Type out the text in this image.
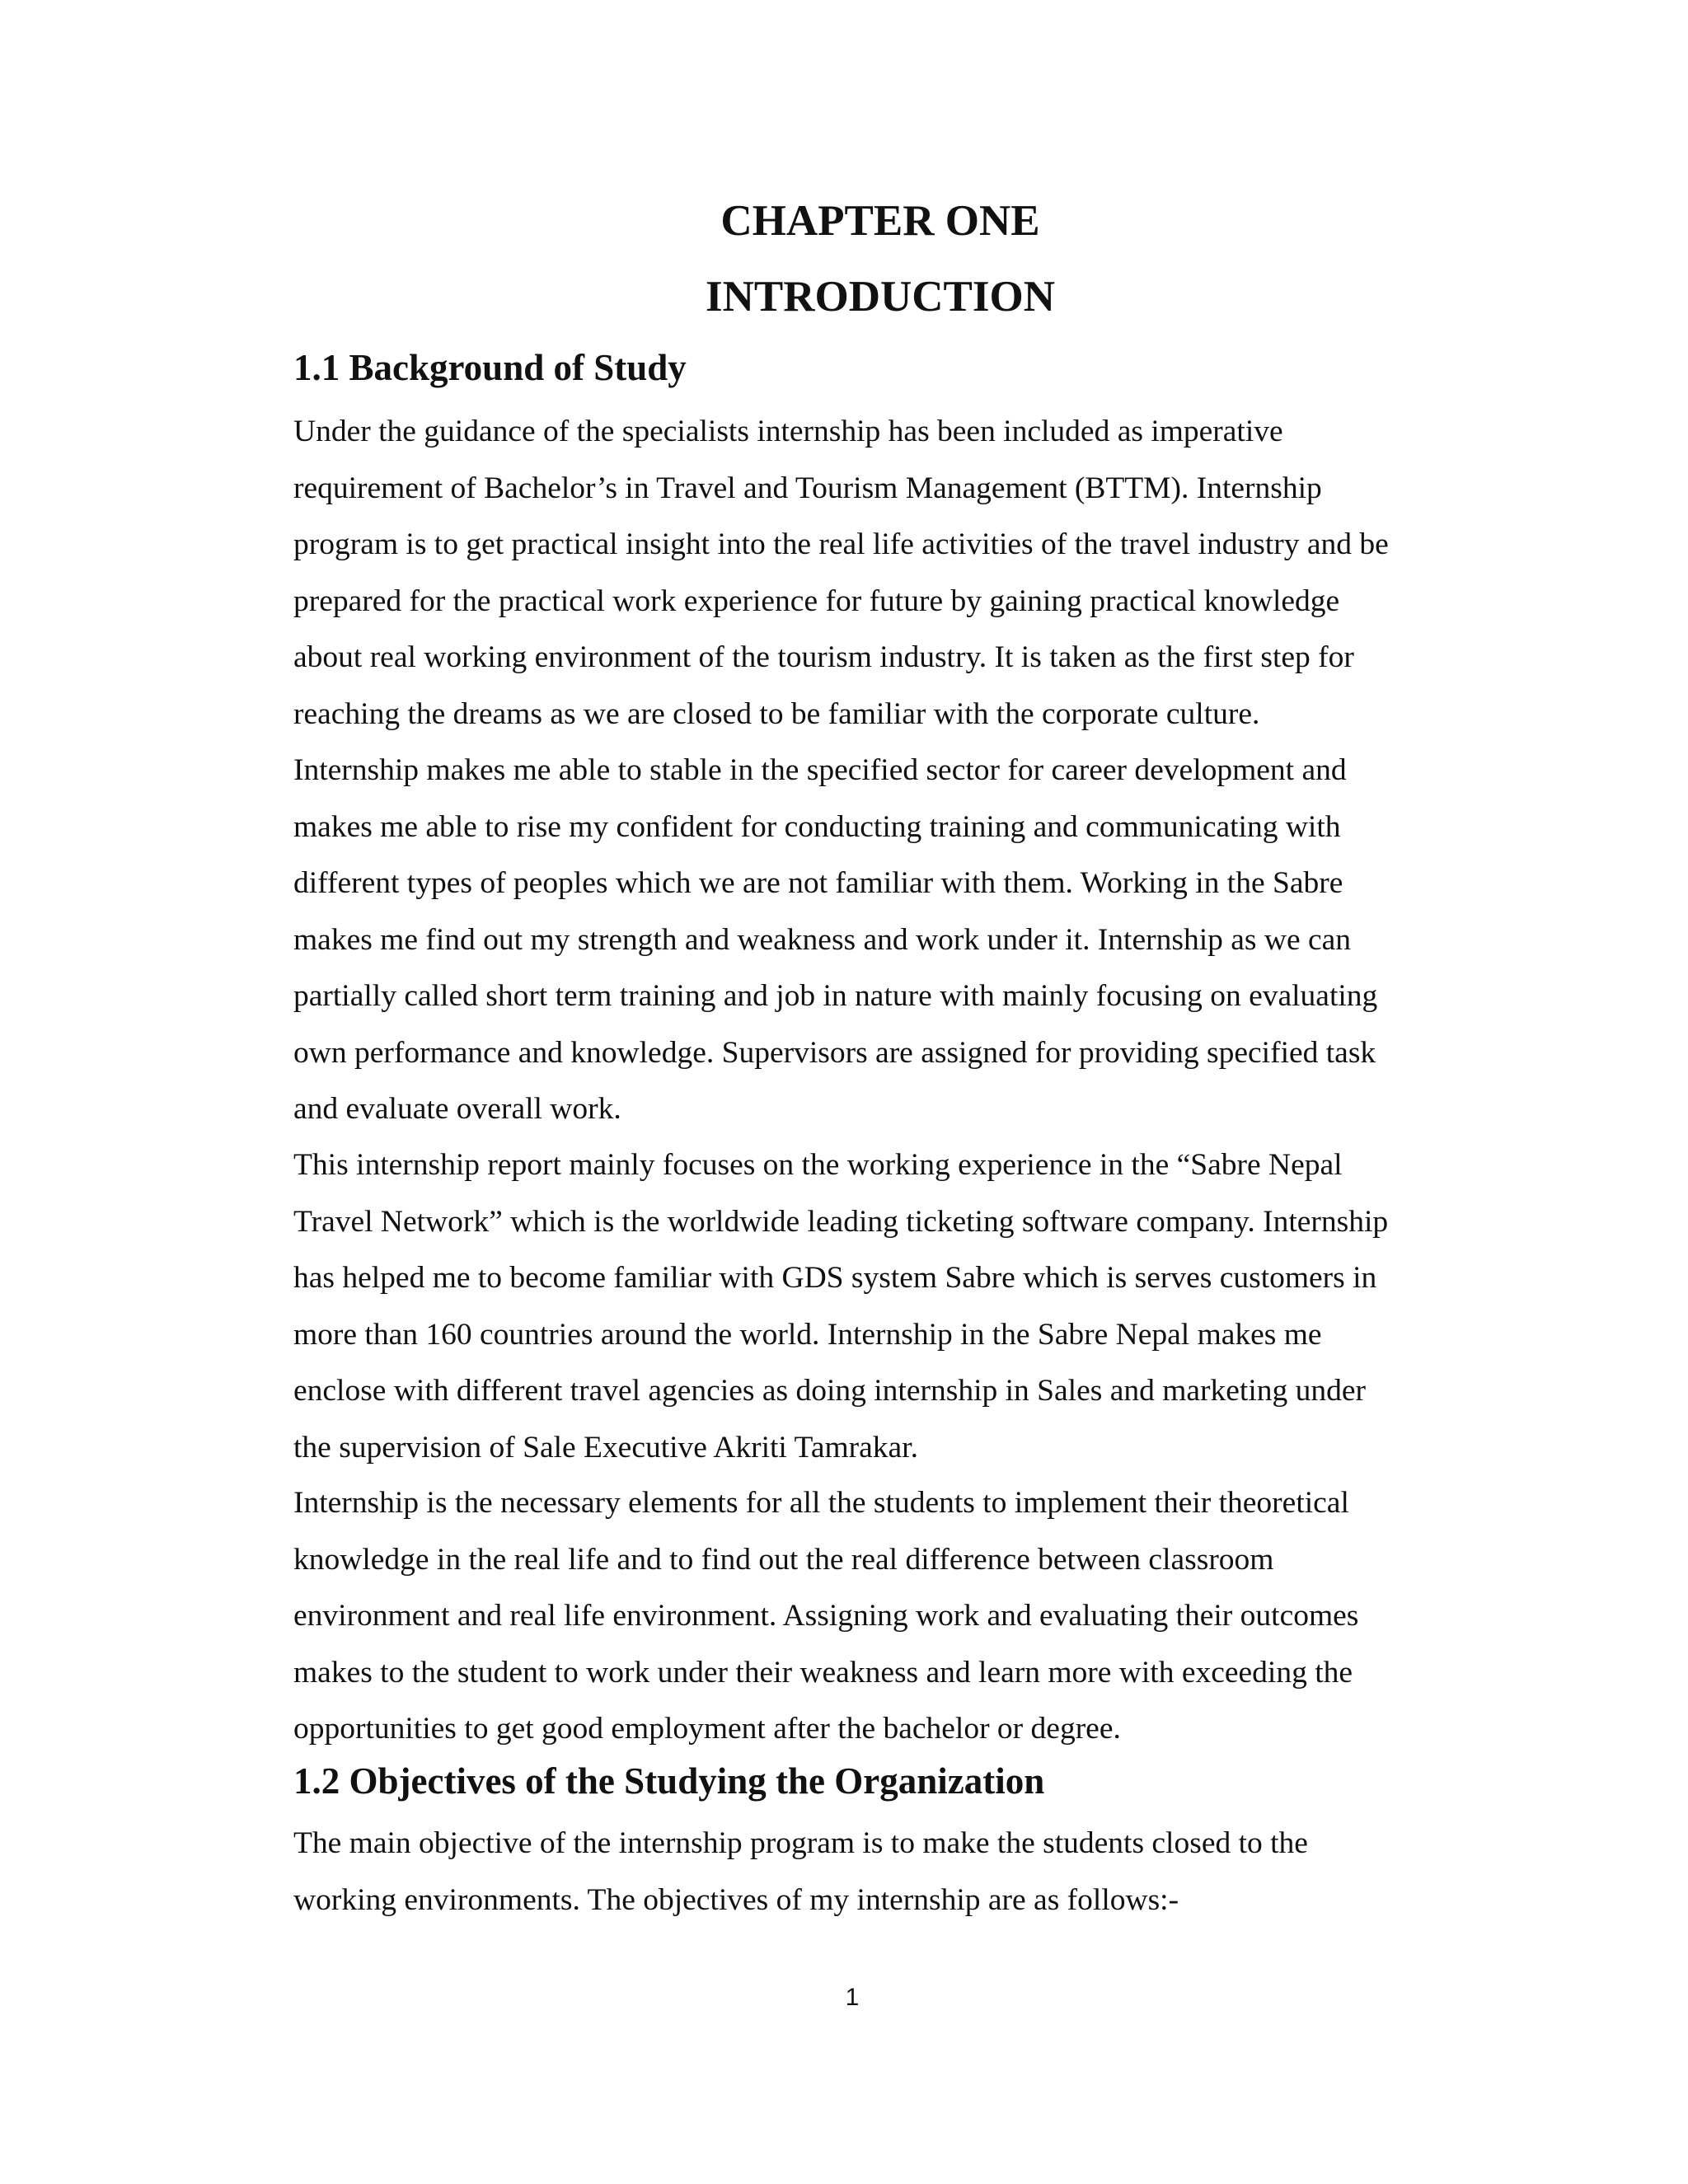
CHAPTER ONE
INTRODUCTION
1.1 Background of Study

Under the guidance of the specialists internship has been included as imperative
requirement of Bachelor’s in Travel and Tourism Management (BTTM). Internship
program is to get practical insight into the real life activities of the travel industry and be
prepared for the practical work experience for future by gaining practical knowledge
about real working environment of the tourism industry. It is taken as the first step for
reaching the dreams as we are closed to be familiar with the corporate culture.
Internship makes me able to stable in the specified sector for career development and
makes me able to rise my confident for conducting training and communicating with
different types of peoples which we are not familiar with them. Working in the Sabre
makes me find out my strength and weakness and work under it. Internship as we can
partially called short term training and job in nature with mainly focusing on evaluating
own performance and knowledge. Supervisors are assigned for providing specified task
and evaluate overall work.

This internship report mainly focuses on the working experience in the “Sabre Nepal
Travel Network” which is the worldwide leading ticketing software company. Internship
has helped me to become familiar with GDS system Sabre which is serves customers in
more than 160 countries around the world. Internship in the Sabre Nepal makes me
enclose with different travel agencies as doing internship in Sales and marketing under
the supervision of Sale Executive Akriti Tamrakar.

Internship is the necessary elements for all the students to implement their theoretical
knowledge in the real life and to find out the real difference between classroom
environment and real life environment. Assigning work and evaluating their outcomes
makes to the student to work under their weakness and learn more with exceeding the
opportunities to get good employment after the bachelor or degree.

1.2 Objectives of the Studying the Organization

The main objective of the internship program is to make the students closed to the
working environments. The objectives of my internship are as follows:-

1
